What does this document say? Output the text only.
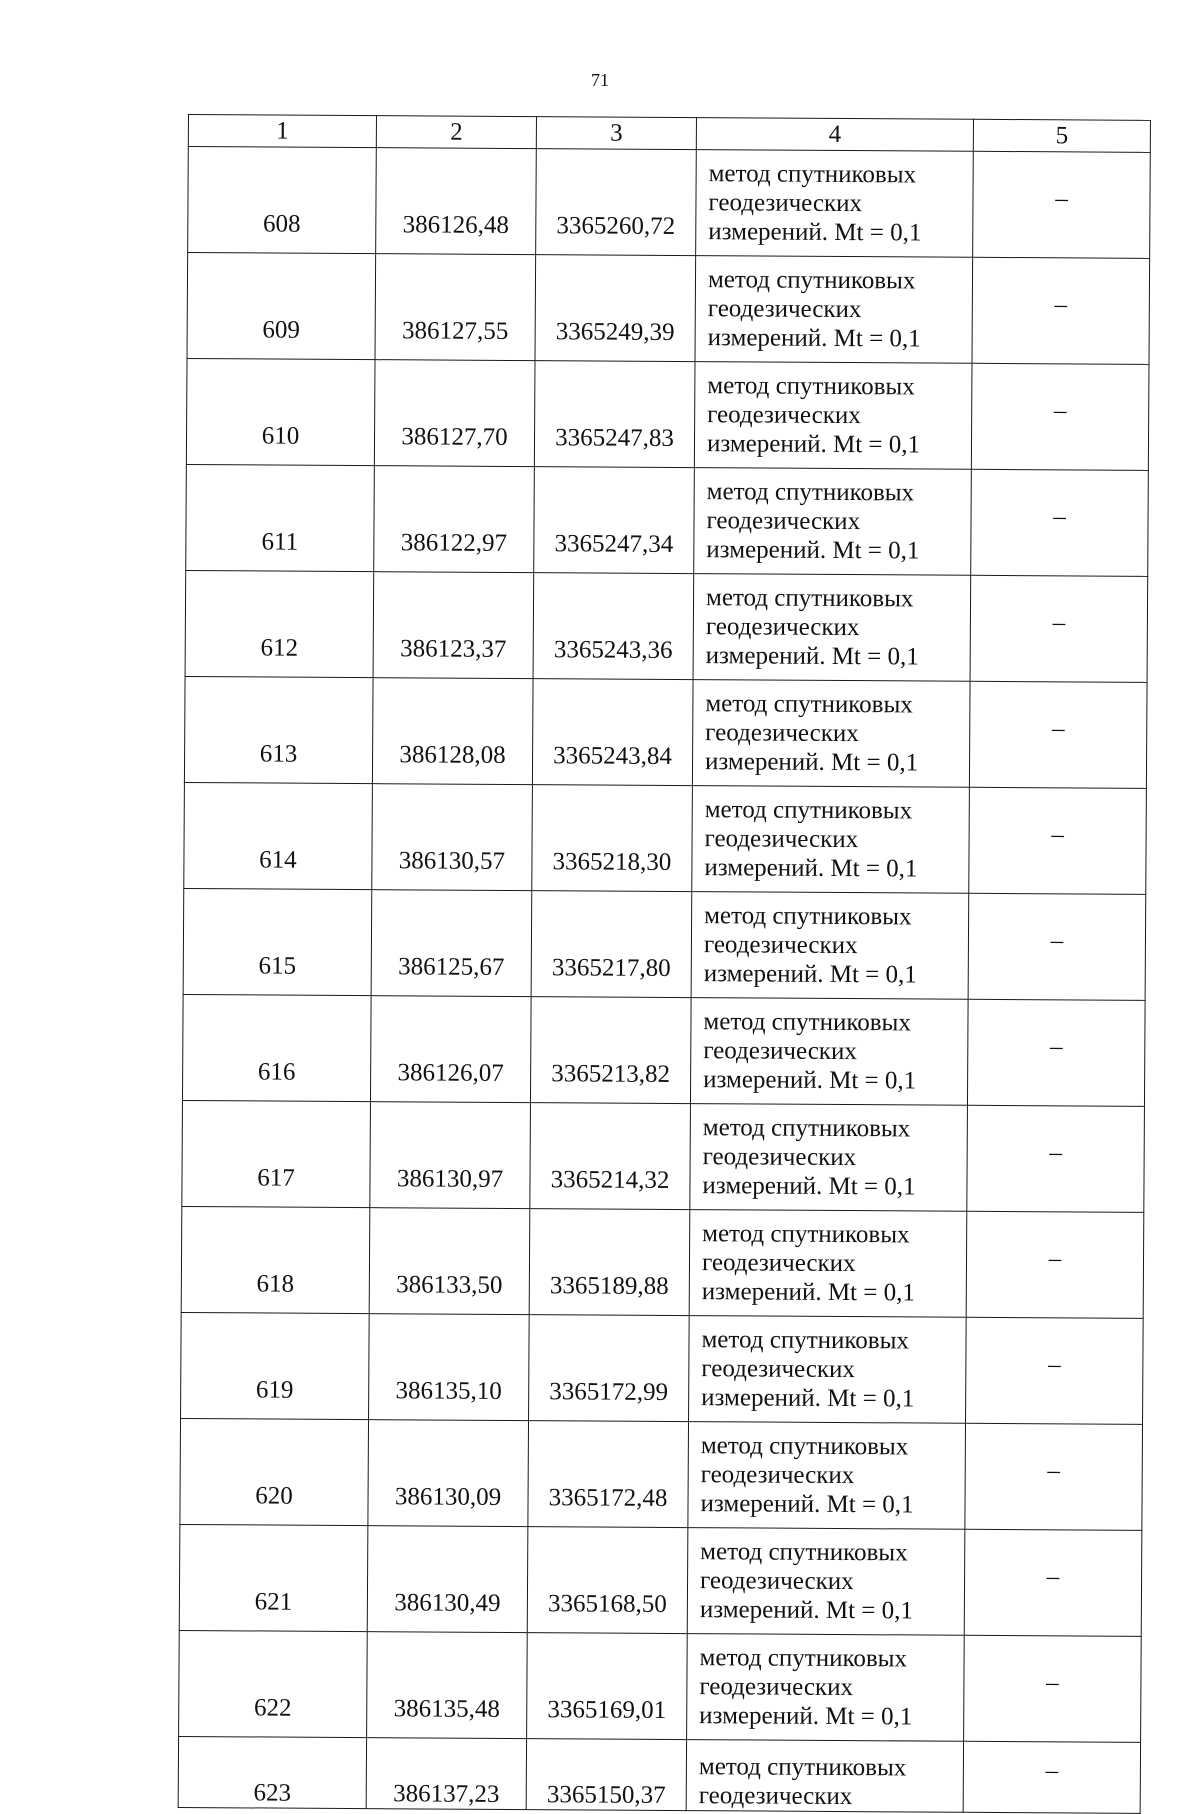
71
1	2	3	4	5
608	386126,48	3365260,72	метод спутниковых
геодезических
измерений. Mt = 0,1	–
609	386127,55	3365249,39	метод спутниковых
геодезических
измерений. Mt = 0,1	–
610	386127,70	3365247,83	метод спутниковых
геодезических
измерений. Mt = 0,1	–
611	386122,97	3365247,34	метод спутниковых
геодезических
измерений. Mt = 0,1	–
612	386123,37	3365243,36	метод спутниковых
геодезических
измерений. Mt = 0,1	–
613	386128,08	3365243,84	метод спутниковых
геодезических
измерений. Mt = 0,1	–
614	386130,57	3365218,30	метод спутниковых
геодезических
измерений. Mt = 0,1	–
615	386125,67	3365217,80	метод спутниковых
геодезических
измерений. Mt = 0,1	–
616	386126,07	3365213,82	метод спутниковых
геодезических
измерений. Mt = 0,1	–
617	386130,97	3365214,32	метод спутниковых
геодезических
измерений. Mt = 0,1	–
618	386133,50	3365189,88	метод спутниковых
геодезических
измерений. Mt = 0,1	–
619	386135,10	3365172,99	метод спутниковых
геодезических
измерений. Mt = 0,1	–
620	386130,09	3365172,48	метод спутниковых
геодезических
измерений. Mt = 0,1	–
621	386130,49	3365168,50	метод спутниковых
геодезических
измерений. Mt = 0,1	–
622	386135,48	3365169,01	метод спутниковых
геодезических
измерений. Mt = 0,1	–
623	386137,23	3365150,37	метод спутниковых
геодезических	–
